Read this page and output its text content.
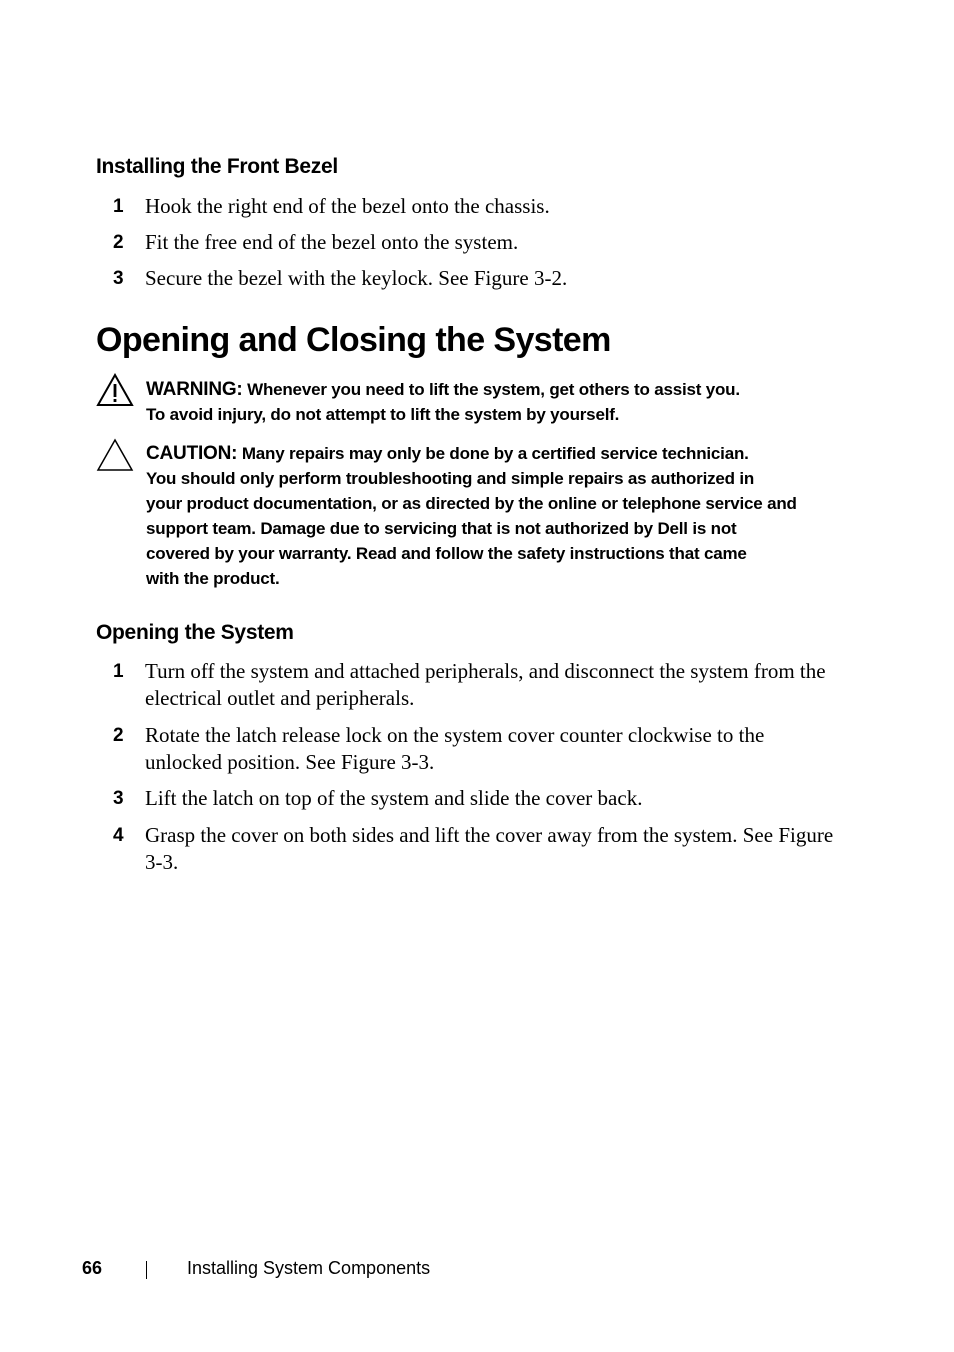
Installing the Front Bezel
1 Hook the right end of the bezel onto the chassis.
2 Fit the free end of the bezel onto the system.
3 Secure the bezel with the keylock. See Figure 3-2.
Opening and Closing the System
WARNING: Whenever you need to lift the system, get others to assist you.
To avoid injury, do not attempt to lift the system by yourself.
CAUTION: Many repairs may only be done by a certified service technician.
You should only perform troubleshooting and simple repairs as authorized in
your product documentation, or as directed by the online or telephone service and
support team. Damage due to servicing that is not authorized by Dell is not
covered by your warranty. Read and follow the safety instructions that came
with the product.
Opening the System
1 Turn off the system and attached peripherals, and disconnect the system from the electrical outlet and peripherals.
2 Rotate the latch release lock on the system cover counter clockwise to the unlocked position. See Figure 3-3.
3 Lift the latch on top of the system and slide the cover back.
4 Grasp the cover on both sides and lift the cover away from the system. See Figure 3-3.
66	Installing System Components
